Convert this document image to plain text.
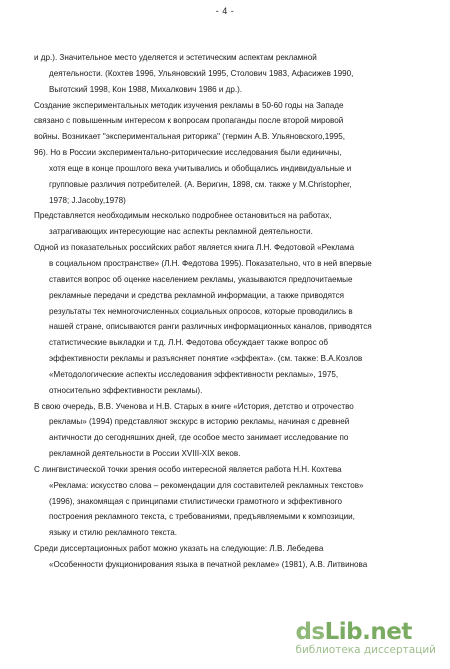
- 4 -
и др.). Значительное место уделяется и эстетическим аспектам рекламной
деятельности. (Кохтев 1996, Ульяновский 1995, Столович 1983, Афасижев 1990,
Выготский 1998, Кон 1988, Михалкович 1986 и др.).
Создание экспериментальных методик изучения рекламы в 50-60 годы на Западе
связано с повышенным интересом к вопросам пропаганды после второй мировой
войны. Возникает "экспериментальная риторика" (термин А.В. Ульяновского,1995,
96). Но в России экспериментально-риторические исследования были единичны,
хотя еще в конце прошлого века учитывались и обобщались индивидуальные и
групповые различия потребителей. (А. Веригин, 1898, см. также у M.Christopher,
1978; J.Jacoby,1978)
Представляется необходимым несколько подробнее остановиться на работах,
затрагивающих интересующие нас аспекты рекламной деятельности.
Одной из показательных российских работ является книга Л.Н. Федотовой «Реклама
в социальном пространстве» (Л.Н. Федотова 1995). Показательно, что в ней впервые
ставится вопрос об оценке населением рекламы, указываются предпочитаемые
рекламные передачи и средства рекламной информации, а также приводятся
результаты тех немногочисленных социальных опросов, которые проводились в
нашей стране, описываются ранги различных информационных каналов, приводятся
статистические выкладки и т.д. Л.Н. Федотова обсуждает также вопрос об
эффективности рекламы и разъясняет понятие «эффекта». (см. также: В.А.Козлов
«Методологические аспекты исследования эффективности рекламы», 1975,
относительно эффективности рекламы).
В свою очередь, В.В. Ученова и Н.В. Старых в книге «История, детство и отрочество
рекламы» (1994) представляют экскурс в историю рекламы, начиная с древней
античности до сегодняшних дней, где особое место занимает исследование по
рекламной деятельности в России XVIII-XIX веков.
С лингвистической точки зрения особо интересной является работа Н.Н. Кохтева
«Реклама: искусство слова – рекомендации для составителей рекламных текстов»
(1996), знакомящая с принципами стилистически грамотного и эффективного
построения рекламного текста, с требованиями, предъявляемыми к композиции,
языку и стилю рекламного текста.
Среди диссертационных работ можно указать на следующие: Л.В. Лебедева
«Особенности фукционирования языка в печатной рекламе» (1981), А.В. Литвинова
dsLib.net
библиотека диссертаций
